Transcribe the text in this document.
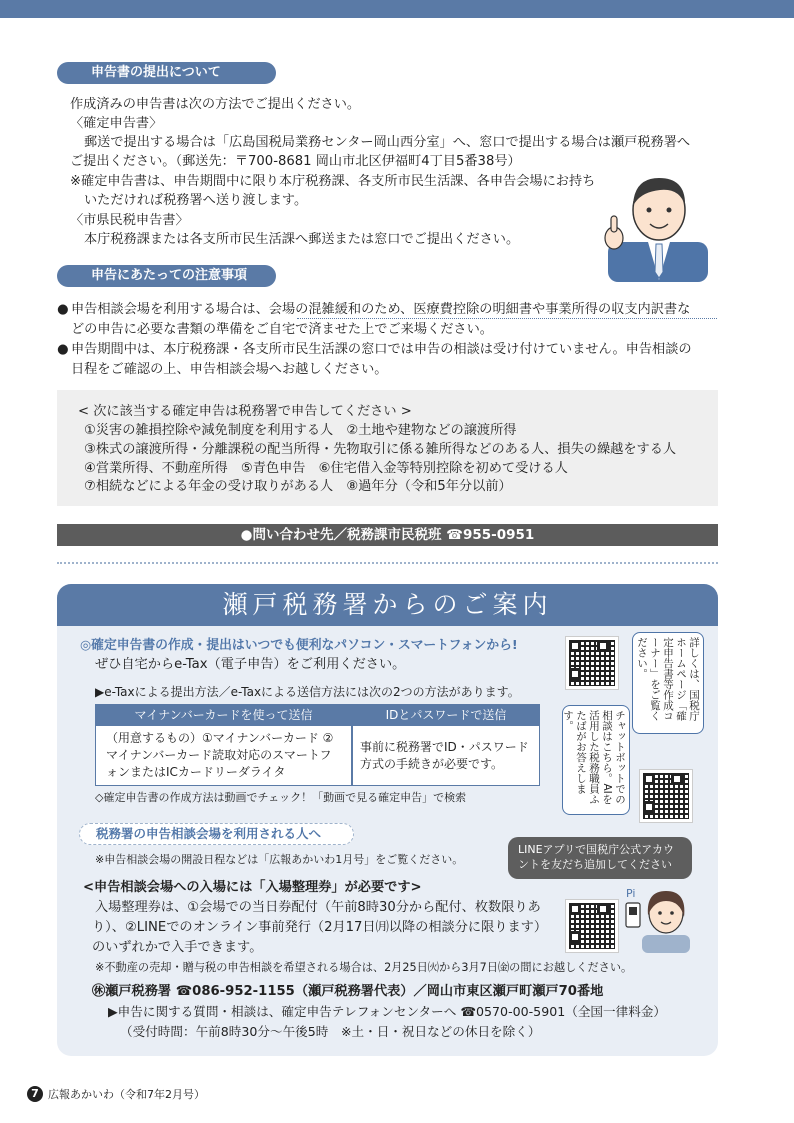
申告書の提出について
作成済みの申告書は次の方法でご提出ください。
〈確定申告書〉
郵送で提出する場合は「広島国税局業務センター岡山西分室」へ、窓口で提出する場合は瀬戸税務署へ
ご提出ください。（郵送先：〒700-8681 岡山市北区伊福町4丁目5番38号）
※確定申告書は、申告期間中に限り本庁税務課、各支所市民生活課、各申告会場にお持ち
いただければ税務署へ送り渡します。
〈市県民税申告書〉
本庁税務課または各支所市民生活課へ郵送または窓口でご提出ください。
申告にあたっての注意事項
● 申告相談会場を利用する場合は、会場の混雑緩和のため、医療費控除の明細書や事業所得の収支内訳書な
どの申告に必要な書類の準備をご自宅で済ませた上でご来場ください。
● 申告期間中は、本庁税務課・各支所市民生活課の窓口では申告の相談は受け付けていません。申告相談の
日程をご確認の上、申告相談会場へお越しください。
< 次に該当する確定申告は税務署で申告してください >
①災害の雑損控除や減免制度を利用する人　②土地や建物などの譲渡所得
③株式の譲渡所得・分離課税の配当所得・先物取引に係る雑所得などのある人、損失の繰越をする人
④営業所得、不動産所得　⑤青色申告　⑥住宅借入金等特別控除を初めて受ける人
⑦相続などによる年金の受け取りがある人　⑧過年分（令和5年分以前）
●問い合わせ先／税務課市民税班 ☎955-0951
瀬戸税務署からのご案内
◎確定申告書の作成・提出はいつでも便利なパソコン・スマートフォンから!
ぜひ自宅からe-Tax（電子申告）をご利用ください。
▶e-Taxによる提出方法／e-Taxによる送信方法には次の2つの方法があります。
マイナンバーカードを使って送信	IDとパスワードで送信
（用意するもの）①マイナンバーカード ②
マイナンバーカード読取対応のスマートフ
ォンまたはICカードリーダライタ
事前に税務署でID・パスワード
方式の手続きが必要です。
◇確定申告書の作成方法は動画でチェック！「動画で見る確定申告」で検索
詳しくは、国税庁ホームページ「確定申告書等作成コーナー」をご覧ください。
チャットボットでの相談はこちら。AIを活用した税務職員ふたばがお答えします。
税務署の申告相談会場を利用される人へ
※申告相談会場の開設日程などは「広報あかいわ1月号」をご覧ください。
LINEアプリで国税庁公式アカウ
ントを友だち追加してください
<申告相談会場への入場には「入場整理券」が必要です>
入場整理券は、①会場での当日券配付（午前8時30分から配付、枚数限りあ
り）、②LINEでのオンライン事前発行（2月17日㈪以降の相談分に限ります）
のいずれかで入手できます。
Pi
※不動産の売却・贈与税の申告相談を希望される場合は、2月25日㈫から3月7日㈮の間にお越しください。
㊡瀬戸税務署 ☎086-952-1155（瀬戸税務署代表）／岡山市東区瀬戸町瀬戸70番地
▶申告に関する質問・相談は、確定申告テレフォンセンターへ ☎0570-00-5901（全国一律料金）
（受付時間：午前8時30分〜午後5時　※土・日・祝日などの休日を除く）
7 広報あかいわ（令和7年2月号）
